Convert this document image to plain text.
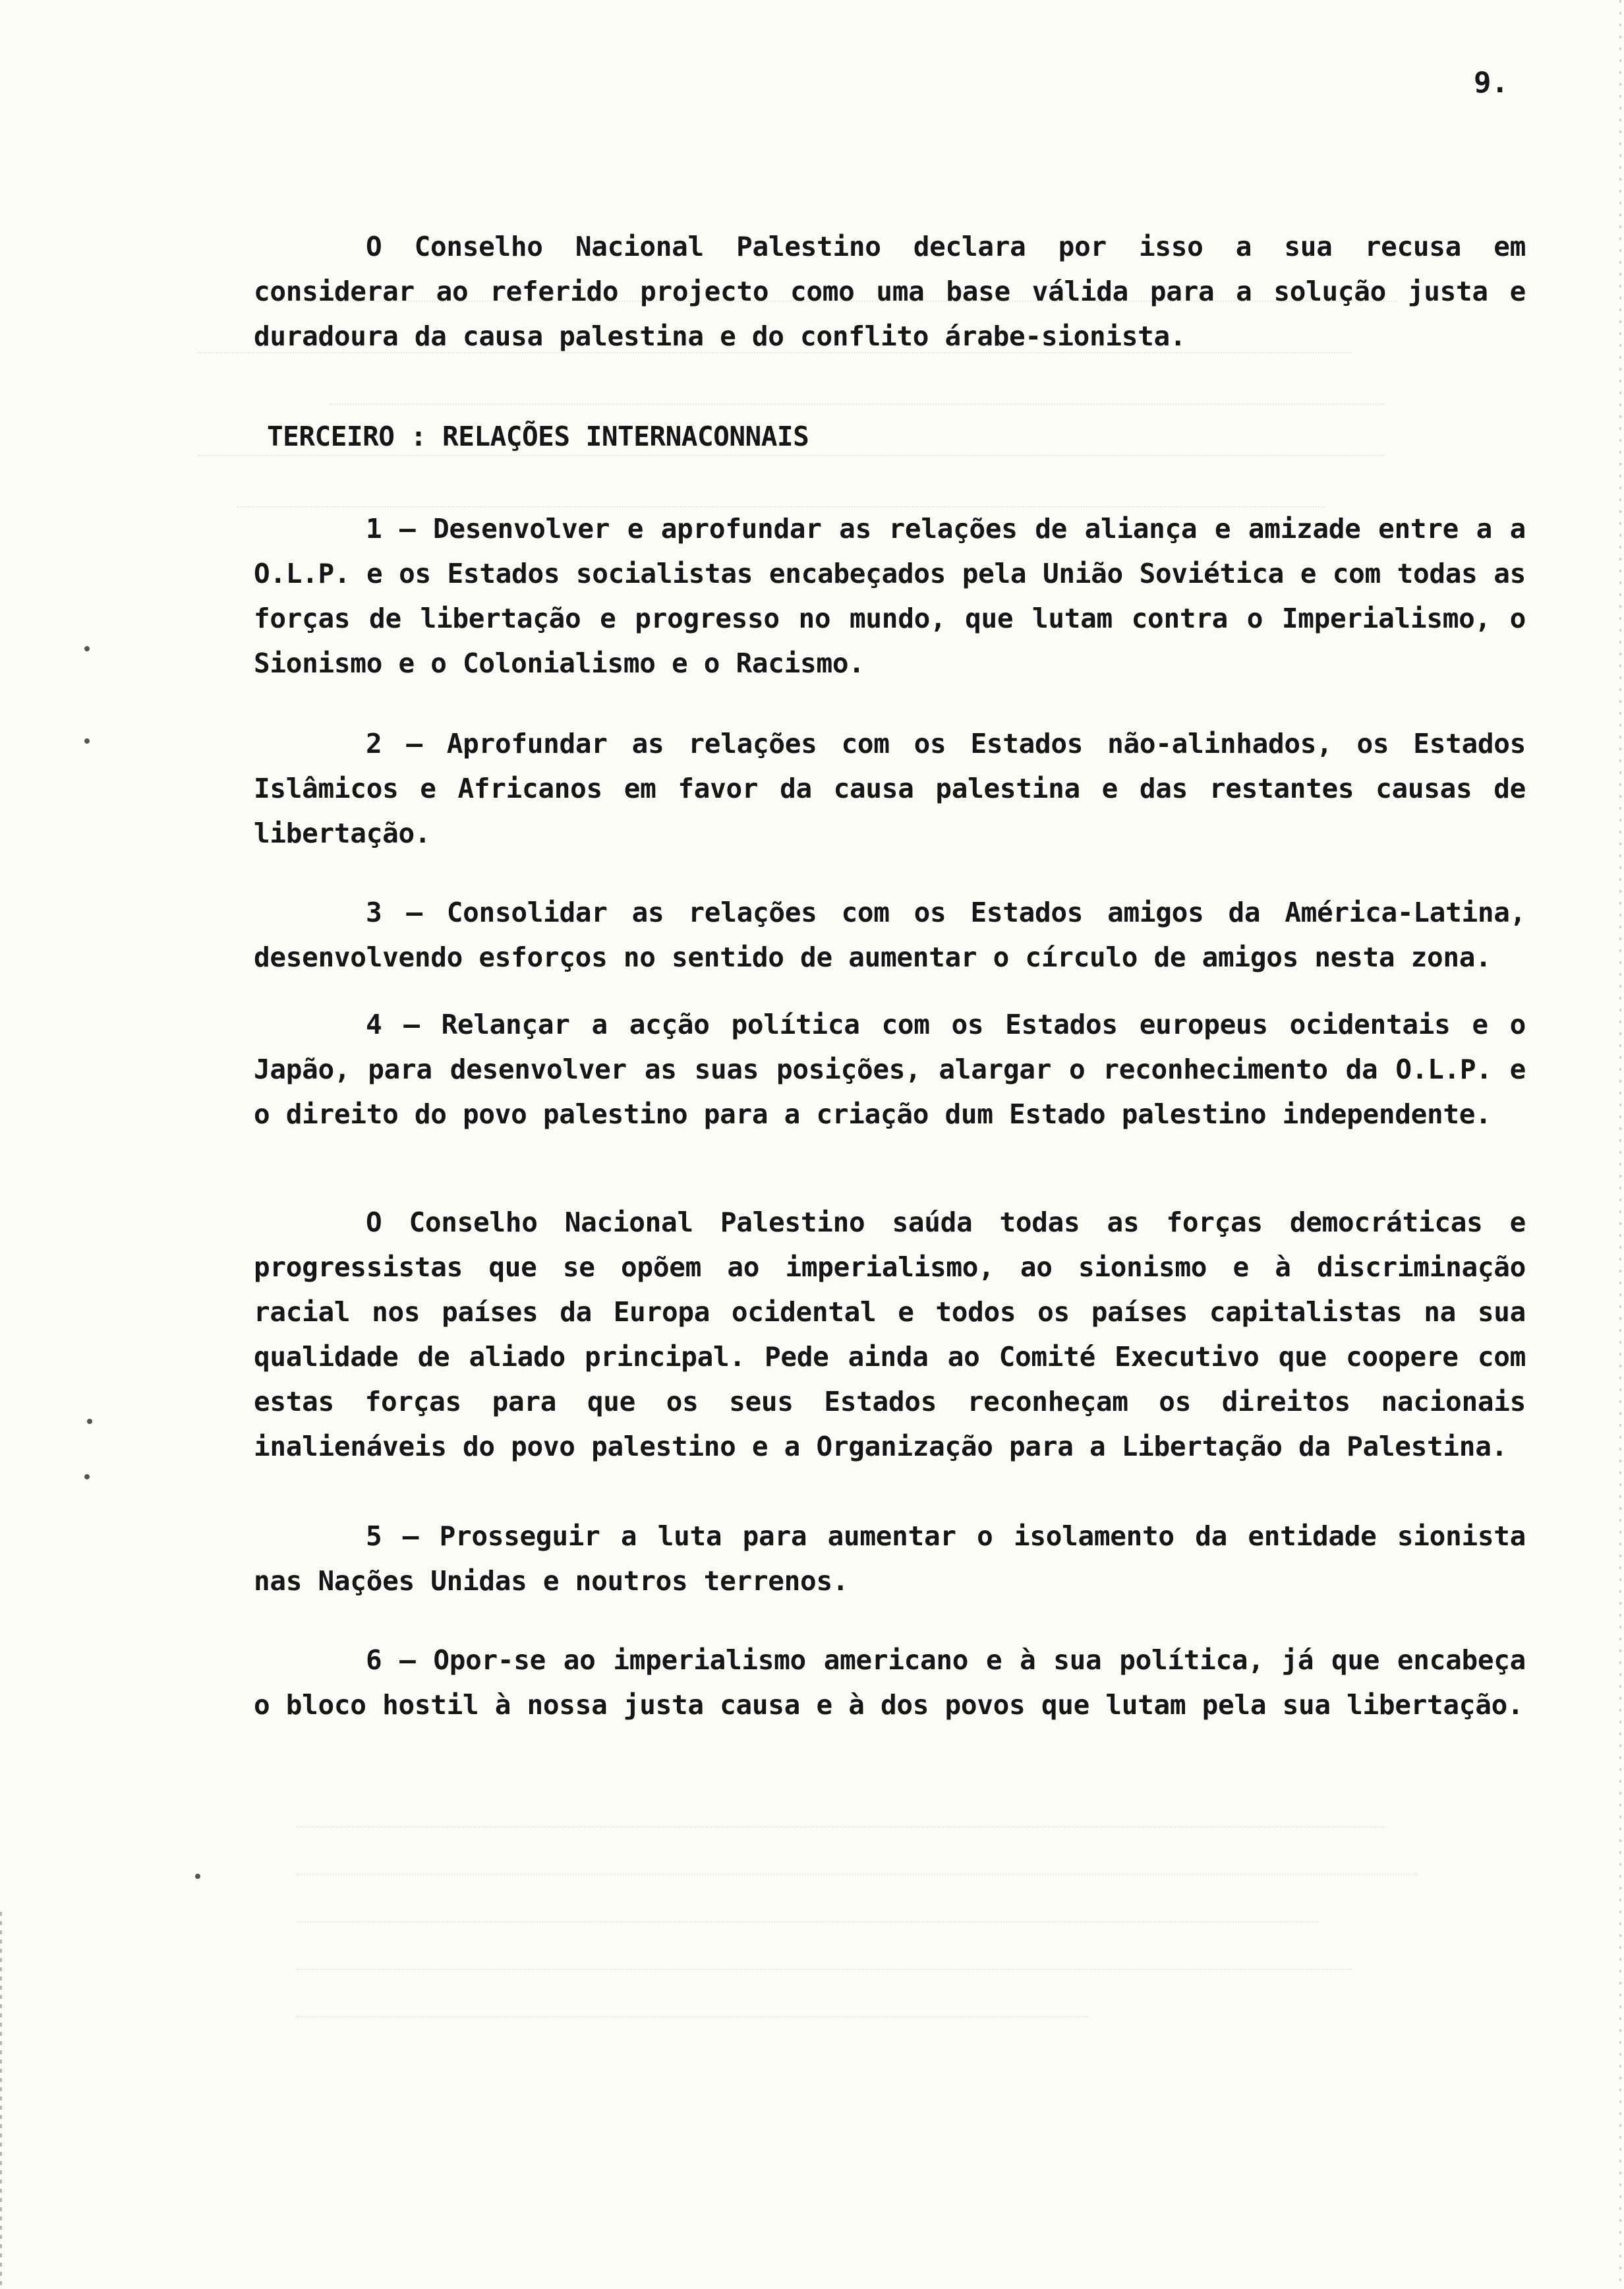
9.
O Conselho Nacional Palestino declara por isso a sua recusa em considerar ao referido projecto como uma base válida para a solução justa e duradoura da causa palestina e do conflito árabe-sionista.
TERCEIRO : RELAÇÕES INTERNACONNAIS
1 — Desenvolver e aprofundar as relações de aliança e amizade entre a a O.L.P. e os Estados socialistas encabeçados pela União Soviética e com todas as forças de libertação e progresso no mundo, que lutam contra o Imperialismo, o Sionismo e o Colonialismo e o Racismo.
2 — Aprofundar as relações com os Estados não-alinhados, os Estados Islâmicos e Africanos em favor da causa palestina e das restantes causas de libertação.
3 — Consolidar as relações com os Estados amigos da América-Latina, desenvolvendo esforços no sentido de aumentar o círculo de amigos nesta zona.
4 — Relançar a acção política com os Estados europeus ocidentais e o Japão, para desenvolver as suas posições, alargar o reconhecimento da O.L.P. e o direito do povo palestino para a criação dum Estado palestino independente.
O Conselho Nacional Palestino saúda todas as forças democráticas e progressistas que se opõem ao imperialismo, ao sionismo e à discriminação racial nos países da Europa ocidental e todos os países capitalistas na sua qualidade de aliado principal. Pede ainda ao Comité Executivo que coopere com estas forças para que os seus Estados reconheçam os direitos nacionais inalienáveis do povo palestino e a Organização para a Libertação da Palestina.
5 — Prosseguir a luta para aumentar o isolamento da entidade sionista nas Nações Unidas e noutros terrenos.
6 — Opor-se ao imperialismo americano e à sua política, já que encabeça o bloco hostil à nossa justa causa e à dos povos que lutam pela sua libertação.
